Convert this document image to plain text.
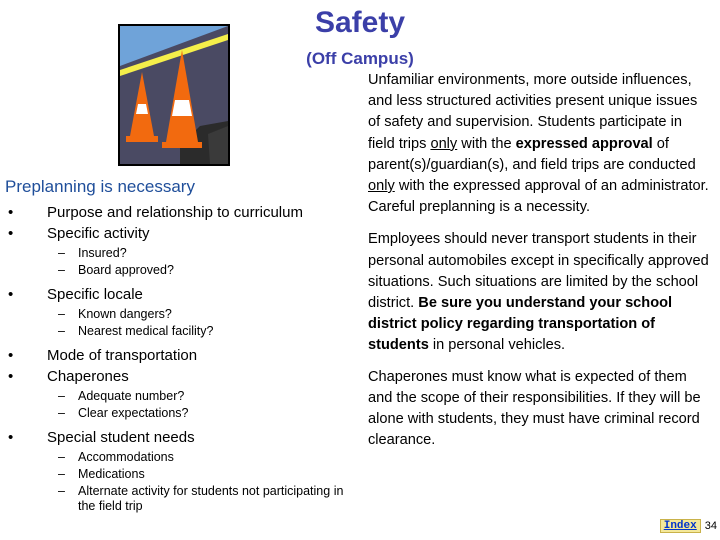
Safety
(Off Campus)
Preplanning is necessary
• Purpose and relationship to curriculum
• Specific activity
– Insured?
– Board approved?
• Specific locale
– Known dangers?
– Nearest medical facility?
• Mode of transportation
• Chaperones
– Adequate number?
– Clear expectations?
• Special student needs
– Accommodations
– Medications
– Alternate activity for students not participating in the field trip

Unfamiliar environments, more outside influences, and less structured activities present unique issues of safety and supervision. Students participate in field trips only with the expressed approval of parent(s)/guardian(s), and field trips are conducted only with the expressed approval of an administrator. Careful preplanning is a necessity.

Employees should never transport students in their personal automobiles except in specifically approved situations. Such situations are limited by the school district. Be sure you understand your school district policy regarding transportation of students in personal vehicles.

Chaperones must know what is expected of them and the scope of their responsibilities. If they will be alone with students, they must have criminal record clearance.

Index 34
